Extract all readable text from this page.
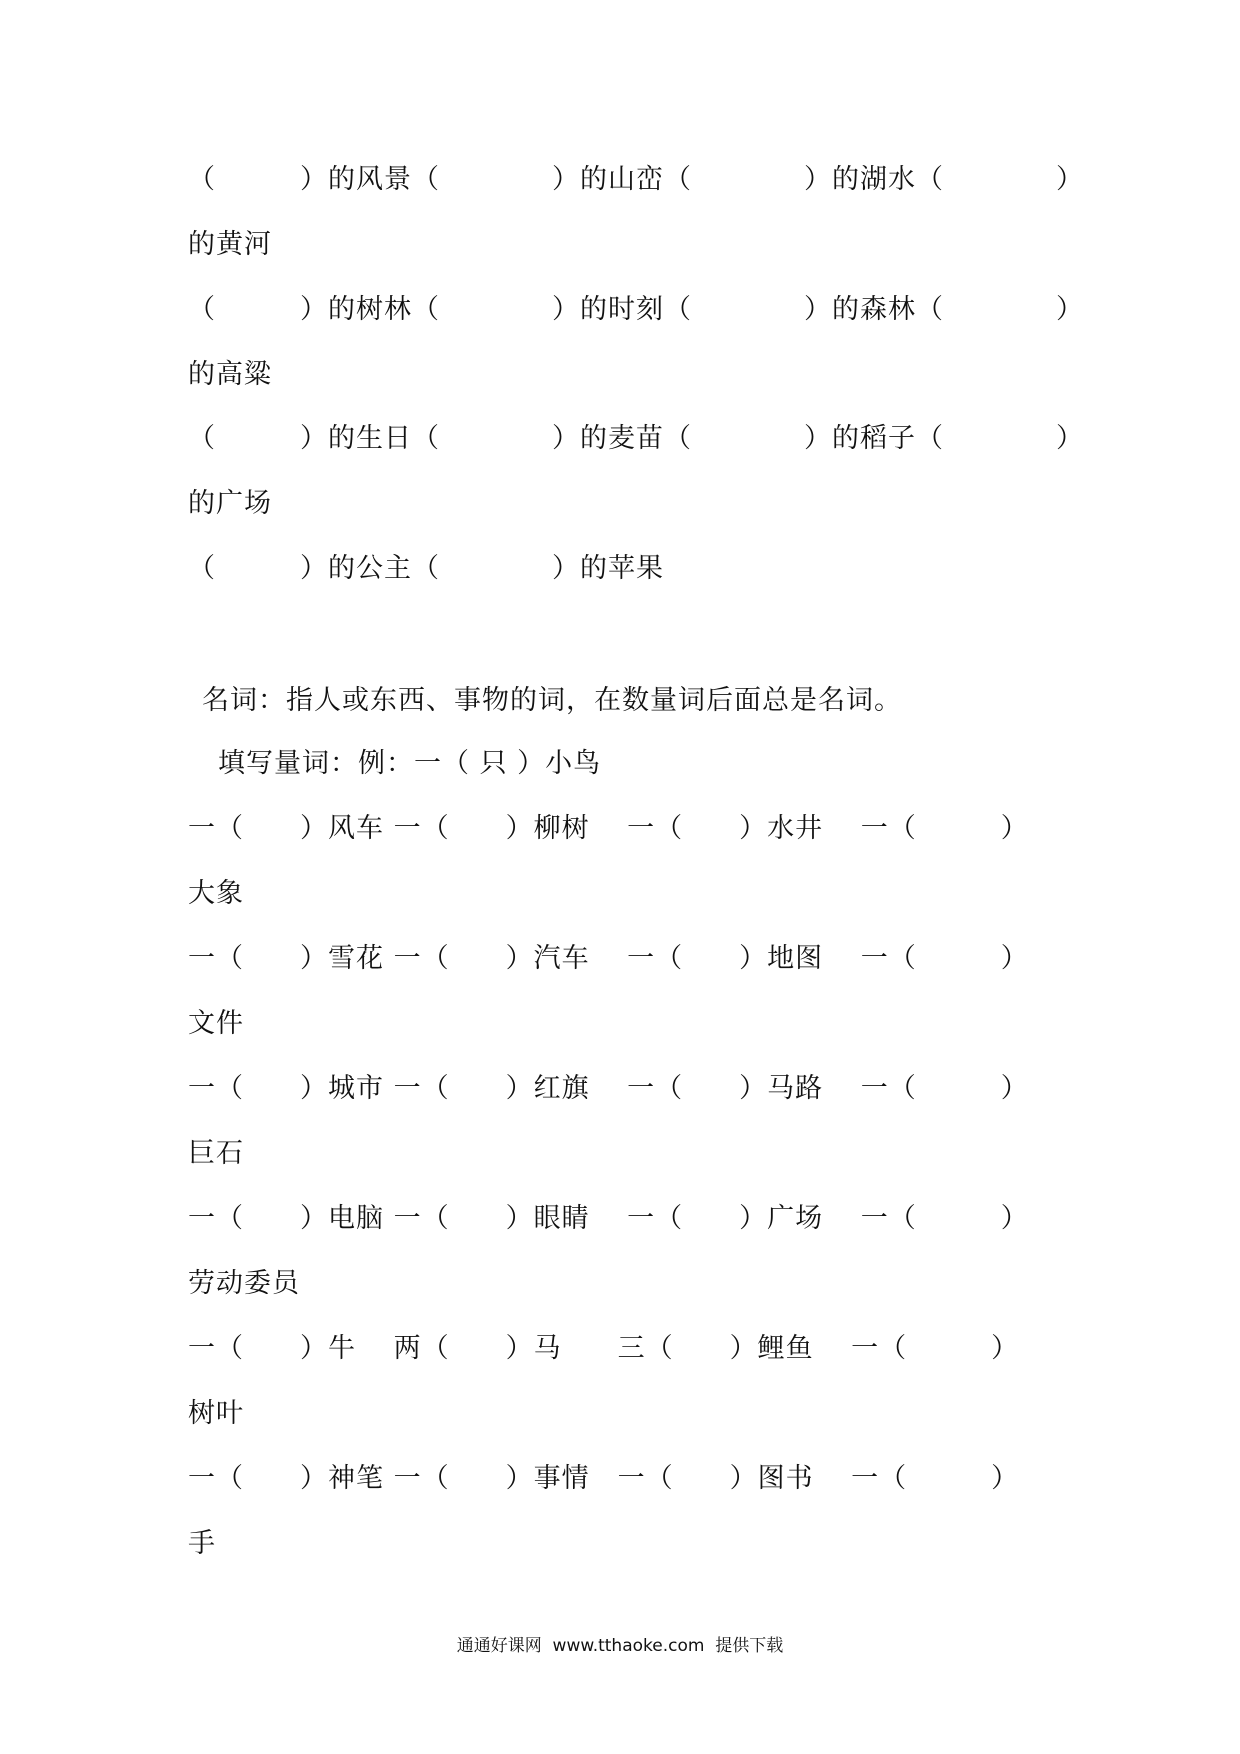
（　　　）的风景（　　　　）的山峦（　　　　）的湖水（　　　　）
的黄河
（　　　）的树林（　　　　）的时刻（　　　　）的森林（　　　　）
的高粱
（　　　）的生日（　　　　）的麦苗（　　　　）的稻子（　　　　）
的广场
（　　　）的公主（　　　　）的苹果
名词：指人或东西、事物的词，在数量词后面总是名词。
填写量词：例：一（ 只 ）小鸟
一（　　）风车 一（　　）柳树　 一（　　）水井　 一（　　　）
大象
一（　　）雪花 一（　　）汽车　 一（　　）地图　 一（　　　）
文件
一（　　）城市 一（　　）红旗　 一（　　）马路　 一（　　　）
巨石
一（　　）电脑 一（　　）眼睛　 一（　　）广场　 一（　　　）
劳动委员
一（　　）牛　 两（　　）马　　三（　　）鲤鱼　 一（　　　）
树叶
一（　　）神笔 一（　　）事情　一（　　）图书　 一（　　　）
手
通通好课网  www.tthaoke.com  提供下载
